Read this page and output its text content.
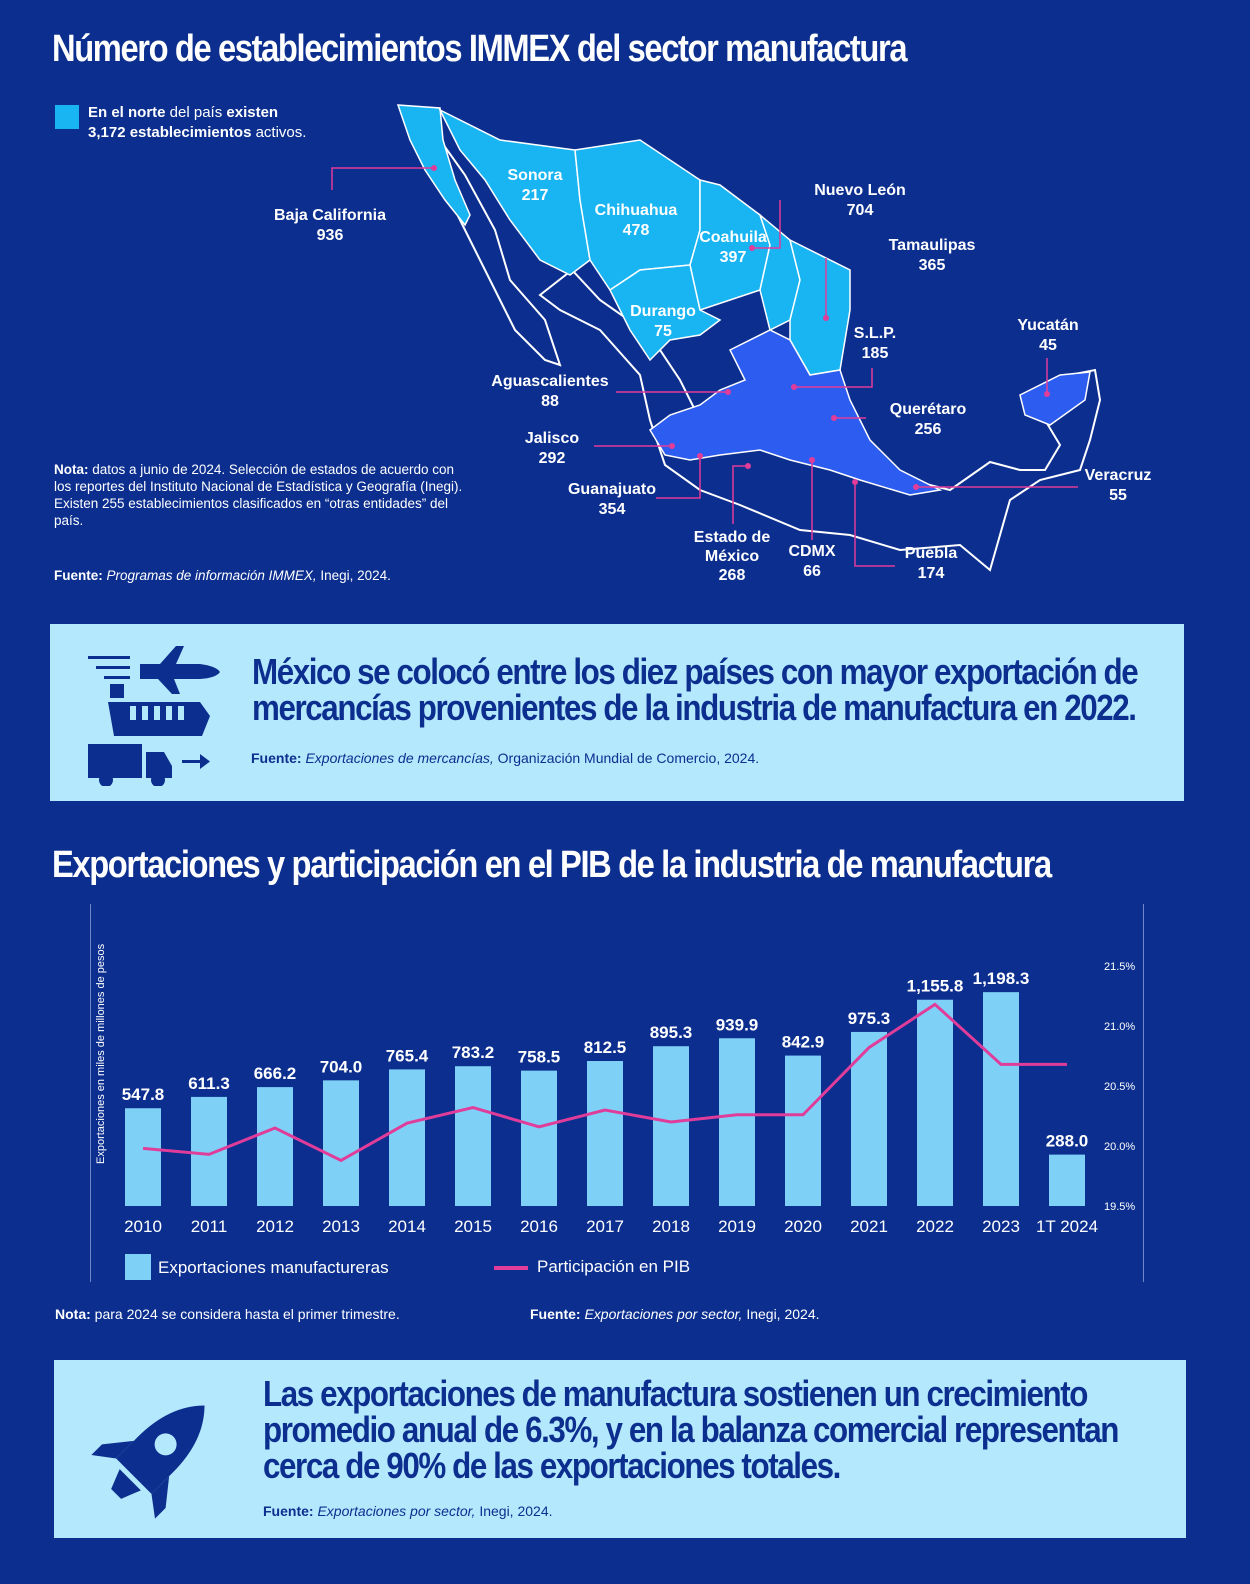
Número de establecimientos IMMEX del sector manufactura
En el norte del país existen
3,172 establecimientos activos.
Baja California
936
Sonora
217
Chihuahua
478	Coahuila
397
Nuevo León
704
Tamaulipas
365
Durango
75	S.L.P.
185
Yucatán
45
Aguascalientes
88	Querétaro
256
Jalisco
292
Veracruz
55
Guanajuato
354
Estado de
México
268
CDMX
66
Puebla
174
Nota: datos a junio de 2024. Selección de estados de acuerdo con los reportes del Instituto Nacional de Estadística y Geografía (Inegi). Existen 255 establecimientos clasificados en “otras entidades” del país.
Fuente: Programas de información IMMEX, Inegi, 2024.
México se colocó entre los diez países con mayor exportación de mercancías provenientes de la industria de manufactura en 2022.
Fuente: Exportaciones de mercancías, Organización Mundial de Comercio, 2024.
Exportaciones y participación en el PIB de la industria de manufactura
Exportaciones en miles de millones de pesos	21.5%
21.0%
20.5%
20.0%
19.5%
547.8
2010
611.3
2011
666.2
2012
704.0
2013
765.4
2014
783.2
2015
758.5
2016
812.5
2017
895.3
2018
939.9
2019
842.9
2020
975.3
2021
1,155.8
2022
1,198.3
2023
288.0
1T 2024
Exportaciones manufactureras	Participación en PIB
Nota: para 2024 se considera hasta el primer trimestre.	Fuente: Exportaciones por sector, Inegi, 2024.
Las exportaciones de manufactura sostienen un crecimiento promedio anual de 6.3%, y en la balanza comercial representan cerca de 90% de las exportaciones totales.
Fuente: Exportaciones por sector, Inegi, 2024.
